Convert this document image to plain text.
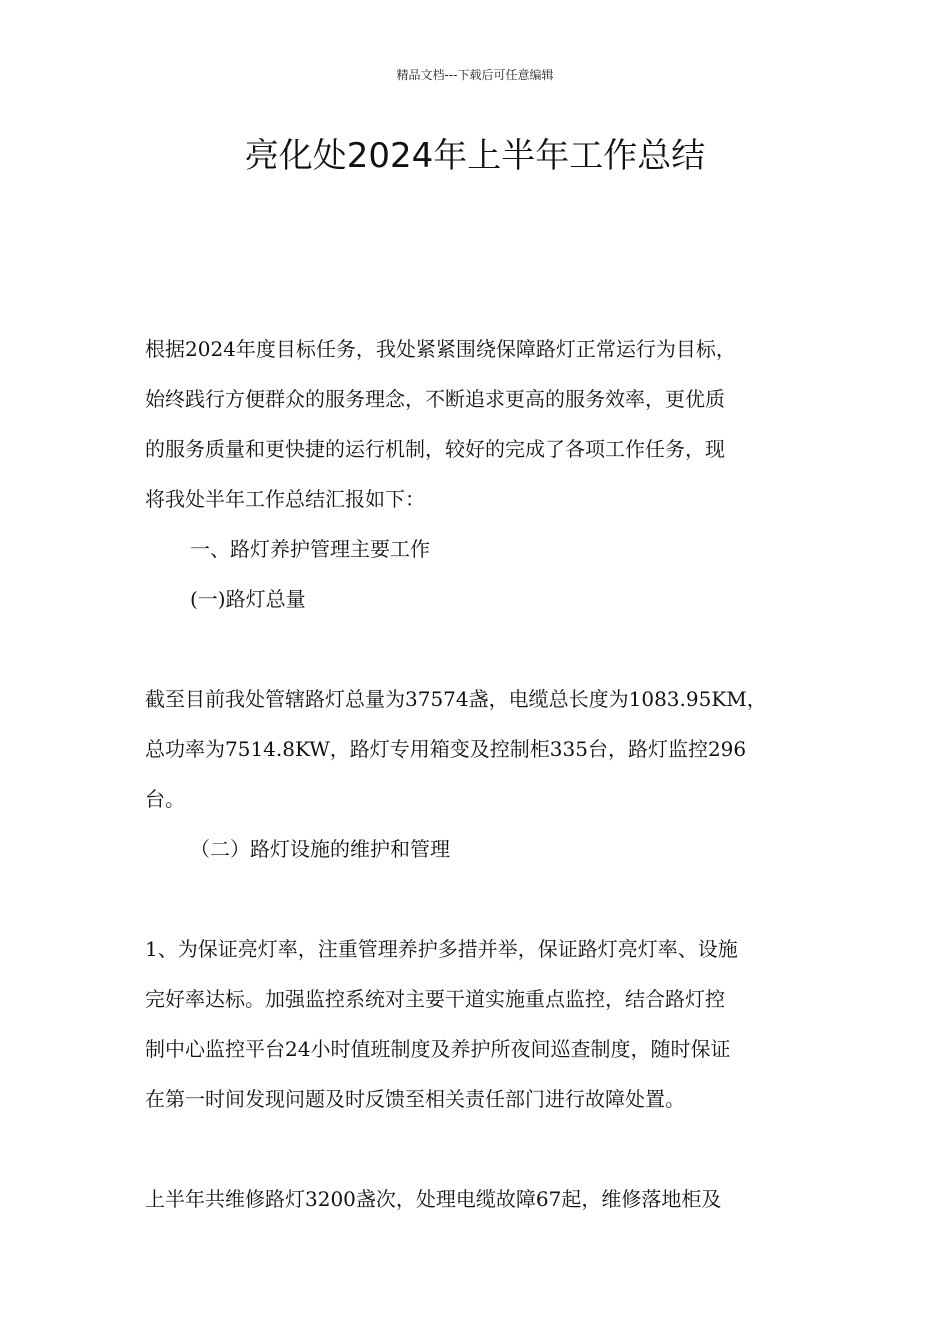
精品文档---下载后可任意编辑
亮化处2024年上半年工作总结
根据2024年度目标任务，我处紧紧围绕保障路灯正常运行为目标，
始终践行方便群众的服务理念，不断追求更高的服务效率，更优质
的服务质量和更快捷的运行机制，较好的完成了各项工作任务，现
将我处半年工作总结汇报如下：
一、路灯养护管理主要工作
(一)路灯总量
截至目前我处管辖路灯总量为37574盏，电缆总长度为1083.95KM，
总功率为7514.8KW，路灯专用箱变及控制柜335台，路灯监控296
台。
（二）路灯设施的维护和管理
1、为保证亮灯率，注重管理养护多措并举，保证路灯亮灯率、设施
完好率达标。加强监控系统对主要干道实施重点监控，结合路灯控
制中心监控平台24小时值班制度及养护所夜间巡查制度，随时保证
在第一时间发现问题及时反馈至相关责任部门进行故障处置。
上半年共维修路灯3200盏次，处理电缆故障67起，维修落地柜及
